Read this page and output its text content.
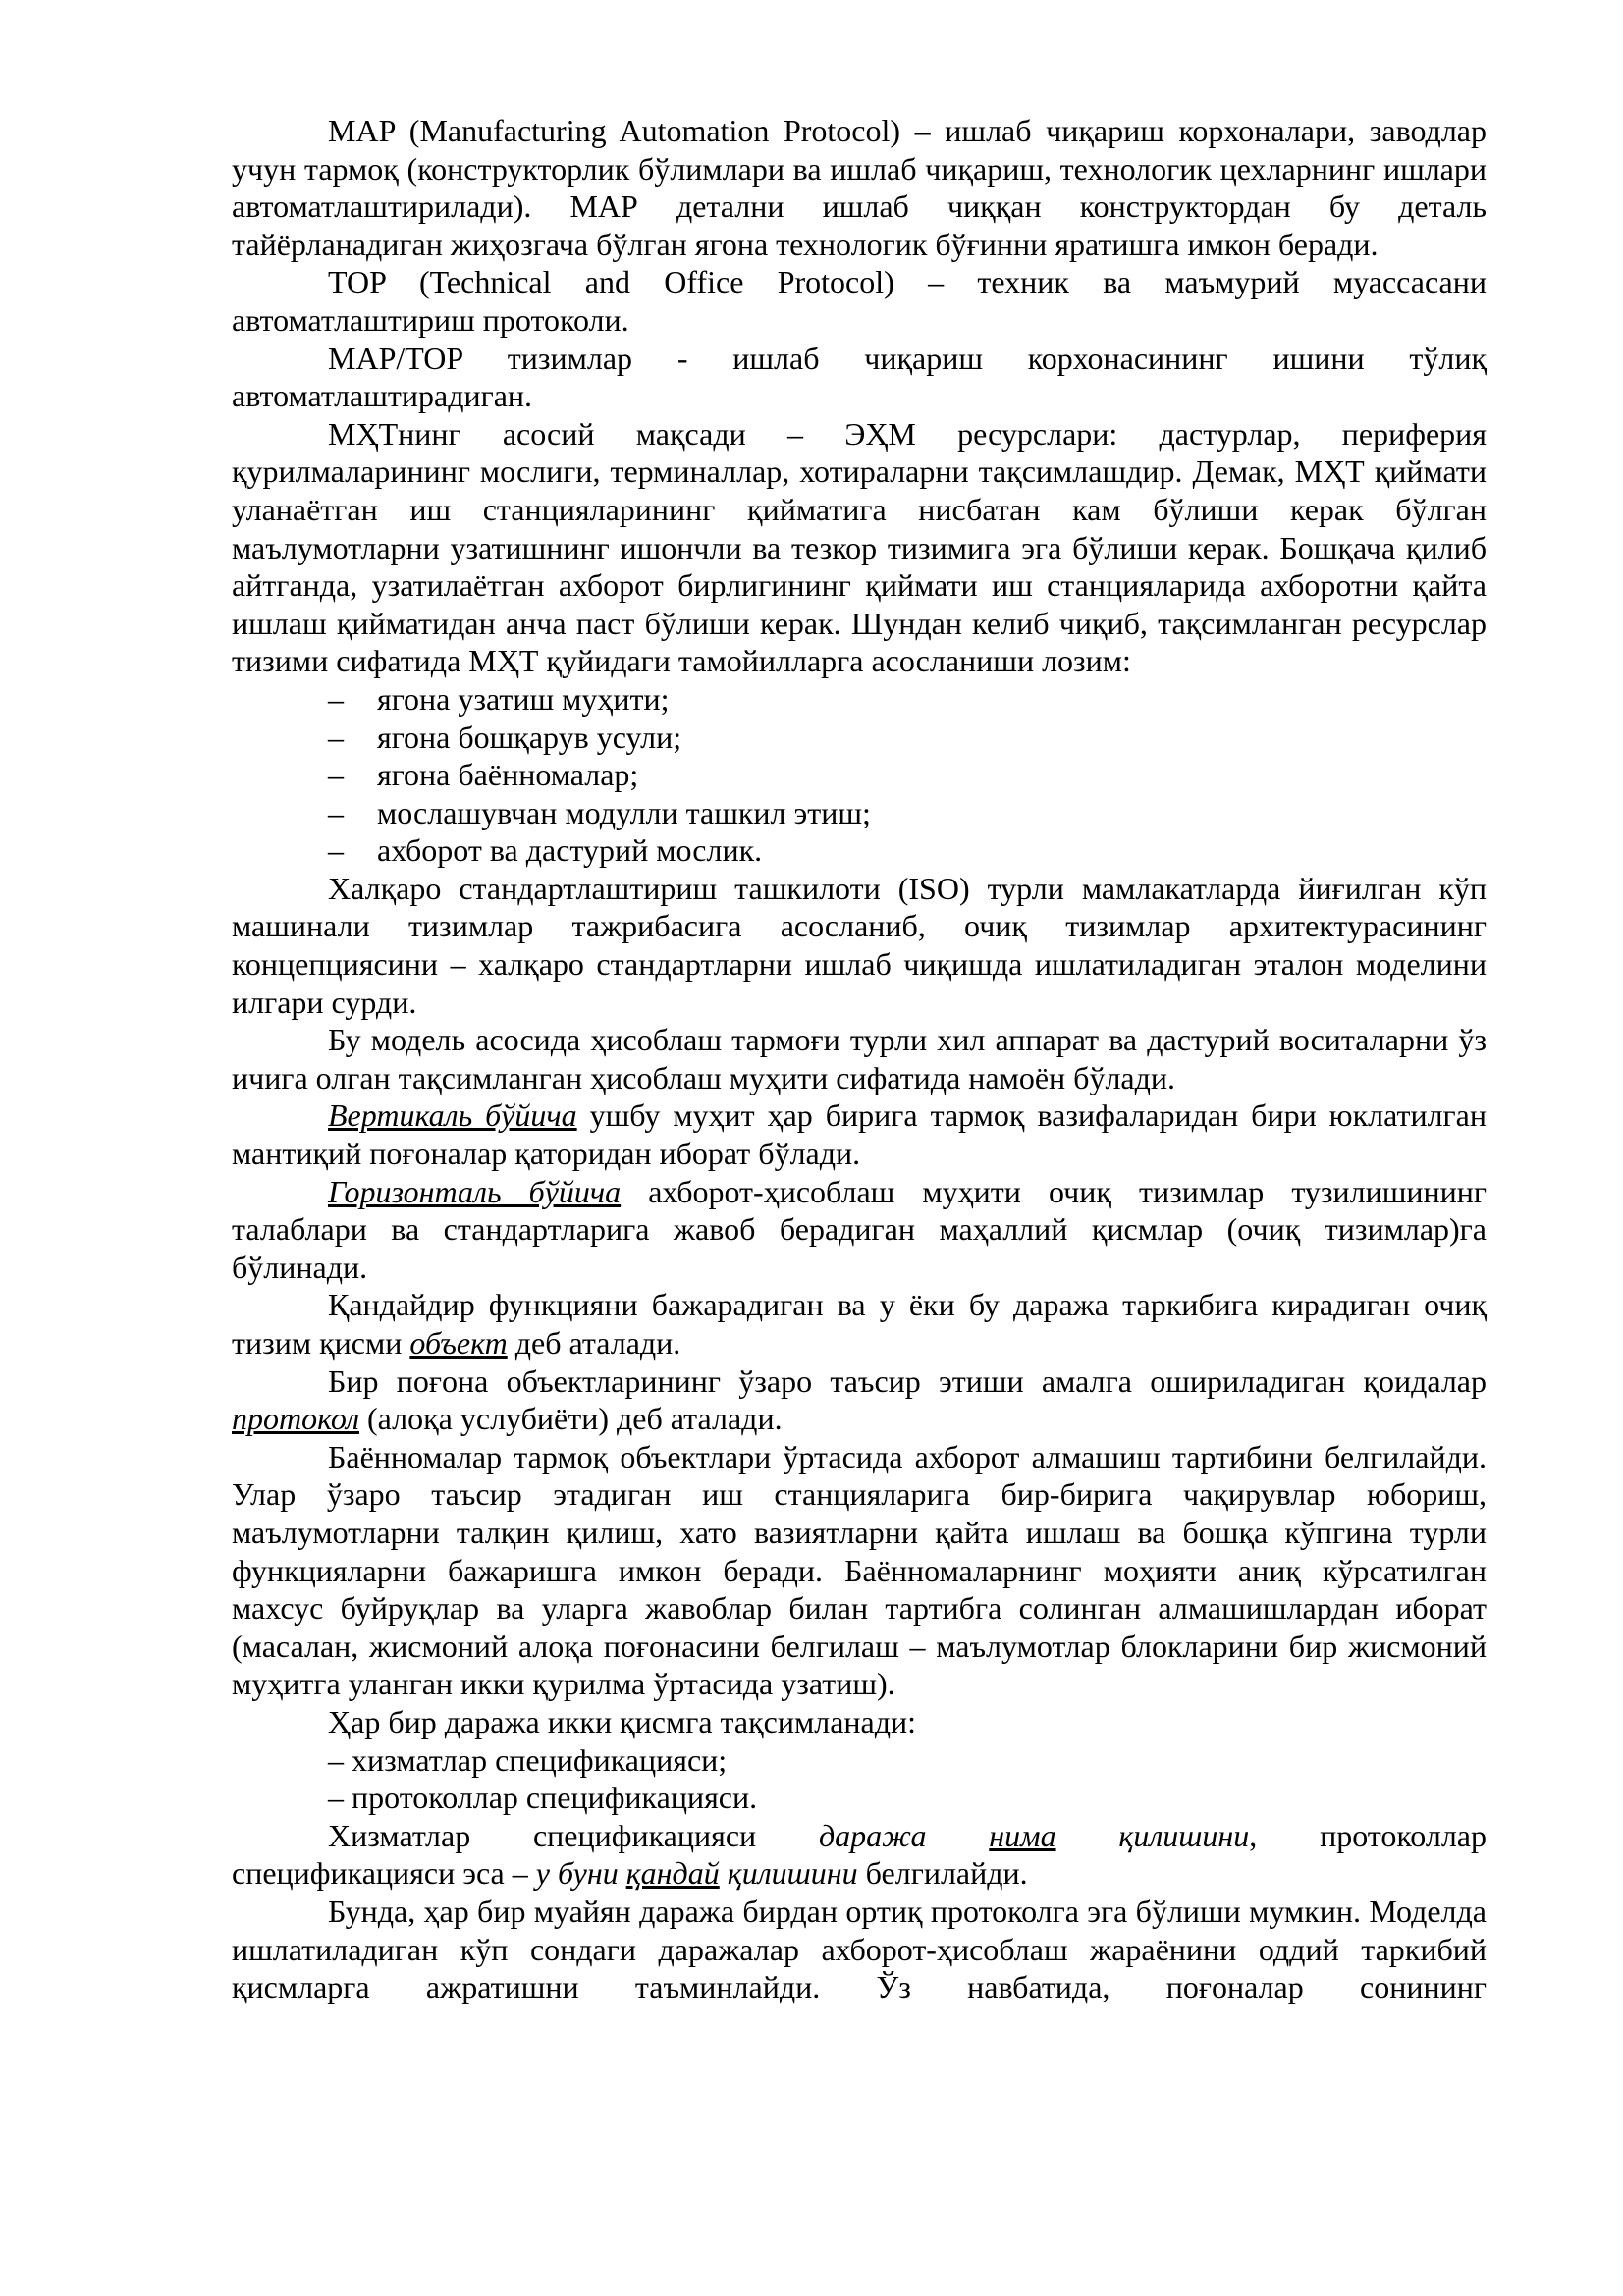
MAP (Manufacturing Automation Protocol) – ишлаб чиқариш корхоналари, заводлар учун тармоқ (конструкторлик бўлимлари ва ишлаб чиқариш, технологик цехларнинг ишлари автоматлаштирилади). МАР детални ишлаб чиққан конструктордан бу деталь тайёрланадиган жиҳозгача бўлган ягона технологик бўғинни яратишга имкон беради.

TOP (Technical and Office Protocol) – техник ва маъмурий муассасани автоматлаштириш протоколи.

MAP/TOP тизимлар - ишлаб чиқариш корхонасининг ишини тўлиқ автоматлаштирадиган.

МҲТнинг асосий мақсади – ЭҲМ ресурслари: дастурлар, периферия қурилмаларининг мослиги, терминаллар, хотираларни тақсимлашдир. Демак, МҲТ қиймати уланаётган иш станцияларининг қийматига нисбатан кам бўлиши керак бўлган маълумотларни узатишнинг ишончли ва тезкор тизимига эга бўлиши керак. Бошқача қилиб айтганда, узатилаётган ахборот бирлигининг қиймати иш станцияларида ахборотни қайта ишлаш қийматидан анча паст бўлиши керак. Шундан келиб чиқиб, тақсимланган ресурслар тизими сифатида МҲТ қуйидаги тамойилларга асосланиши лозим:

– ягона узатиш муҳити;

– ягона бошқарув усули;

– ягона баённомалар;

– мослашувчан модулли ташкил этиш;

– ахборот ва дастурий мослик.

Халқаро стандартлаштириш ташкилоти (ISO) турли мамлакатларда йиғилган кўп машинали тизимлар тажрибасига асосланиб, очиқ тизимлар архитектурасининг концепциясини – халқаро стандартларни ишлаб чиқишда ишлатиладиган эталон моделини илгари сурди.

Бу модель асосида ҳисоблаш тармоғи турли хил аппарат ва дастурий воситаларни ўз ичига олган тақсимланган ҳисоблаш муҳити сифатида намоён бўлади.

Вертикаль бўйича ушбу муҳит ҳар бирига тармоқ вазифаларидан бири юклатилган мантиқий поғоналар қаторидан иборат бўлади.

Горизонталь бўйича ахборот-ҳисоблаш муҳити очиқ тизимлар тузилишининг талаблари ва стандартларига жавоб берадиган маҳаллий қисмлар (очиқ тизимлар)га бўлинади.

Қандайдир функцияни бажарадиган ва у ёки бу даража таркибига кирадиган очиқ тизим қисми объект деб аталади.

Бир поғона объектларининг ўзаро таъсир этиши амалга ошириладиган қоидалар протокол (алоқа услубиёти) деб аталади.

Баённомалар тармоқ объектлари ўртасида ахборот алмашиш тартибини белгилайди. Улар ўзаро таъсир этадиган иш станцияларига бир-бирига чақирувлар юбориш, маълумотларни талқин қилиш, хато вазиятларни қайта ишлаш ва бошқа кўпгина турли функцияларни бажаришга имкон беради. Баённомаларнинг моҳияти аниқ кўрсатилган махсус буйруқлар ва уларга жавоблар билан тартибга солинган алмашишлардан иборат (масалан, жисмоний алоқа поғонасини белгилаш – маълумотлар блокларини бир жисмоний муҳитга уланган икки қурилма ўртасида узатиш).

Ҳар бир даража икки қисмга тақсимланади:

– хизматлар спецификацияси;

– протоколлар спецификацияси.

Хизматлар спецификацияси даража нима қилишини, протоколлар

спецификацияси эса – у буни қандай қилишини белгилайди.

Бунда, ҳар бир муайян даража бирдан ортиқ протоколга эга бўлиши мумкин. Моделда ишлатиладиган кўп сондаги даражалар ахборот-ҳисоблаш жараёнини оддий таркибий қисмларга ажратишни таъминлайди. Ўз навбатида, поғоналар сонининг
